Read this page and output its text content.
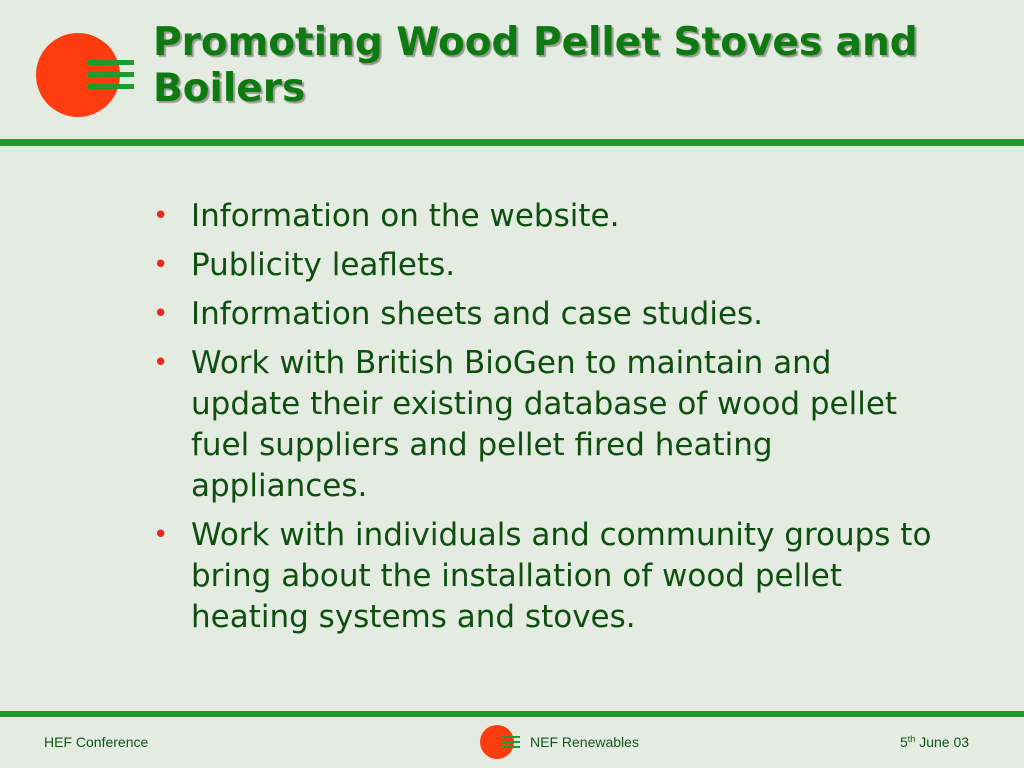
Promoting Wood Pellet Stoves and Boilers
• Information on the website.
• Publicity leaflets.
• Information sheets and case studies.
• Work with British BioGen to maintain and update their existing database of wood pellet fuel suppliers and pellet fired heating appliances.
• Work with individuals and community groups to bring about the installation of wood pellet heating systems and stoves.
HEF Conference	NEF Renewables	5th June 03
